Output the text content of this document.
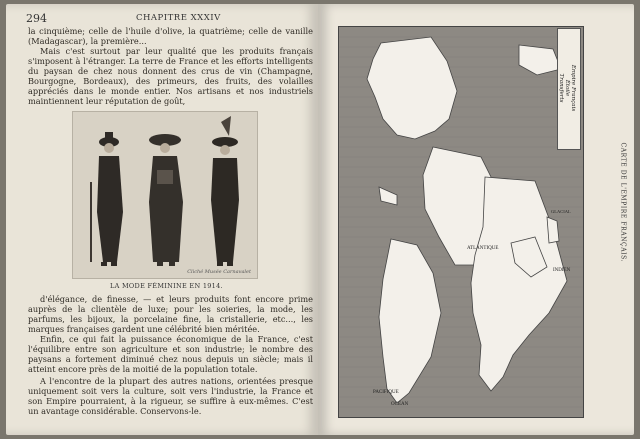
294	CHAPITRE XXXIV

la cinquième; celle de l'huile d'olive, la quatrième; celle de vanille (Madagascar), la première...

Mais c'est surtout par leur qualité que les produits français s'imposent à l'étranger. La terre de France et les efforts intelligents du paysan de chez nous donnent des crus de vin (Champagne, Bourgogne, Bordeaux), des primeurs, des fruits, des volailles appréciés dans le monde entier. Nos artisans et nos industriels maintiennent leur réputation de goût,

Cliché Musée Carnavalet
LA MODE FÉMININE EN 1914.

d'élégance, de finesse, — et leurs produits font encore prime auprès de la clientèle de luxe; pour les soieries, la mode, les parfums, les bijoux, la porcelaine fine, la cristallerie, etc..., les marques françaises gardent une célébrité bien méritée.

Enfin, ce qui fait la puissance économique de la France, c'est l'équilibre entre son agriculture et son industrie; le nombre des paysans a fortement diminué chez nous depuis un siècle; mais il atteint encore près de la moitié de la population totale.

A l'encontre de la plupart des autres nations, orientées presque uniquement soit vers la culture, soit vers l'industrie, la France et son Empire pourraient, à la rigueur, se suffire à eux-mêmes. C'est un avantage considérable. Conservons-le.

ATLANTIQUE
INDIEN
PACIFIQUE
OCÉAN
GLACIAL
Empire Français
Étoile
Transferts
CARTE DE L'EMPIRE FRANÇAIS.
